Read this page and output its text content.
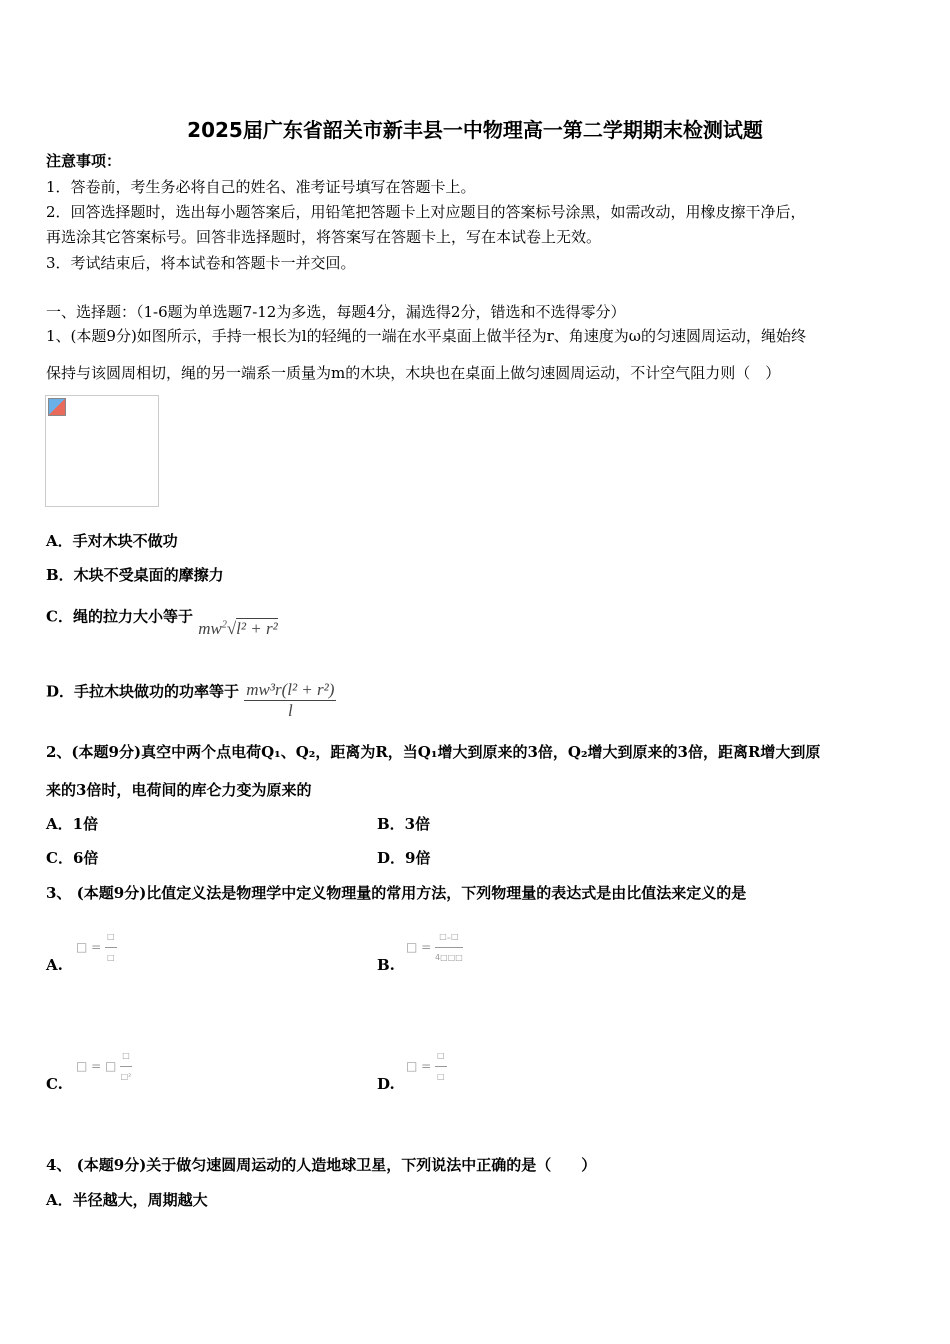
2025届广东省韶关市新丰县一中物理高一第二学期期末检测试题
注意事项：
1．答卷前，考生务必将自己的姓名、准考证号填写在答题卡上。
2．回答选择题时，选出每小题答案后，用铅笔把答题卡上对应题目的答案标号涂黑，如需改动，用橡皮擦干净后，
再选涂其它答案标号。回答非选择题时，将答案写在答题卡上，写在本试卷上无效。
3．考试结束后，将本试卷和答题卡一并交回。
一、选择题：（1-6题为单选题7-12为多选，每题4分，漏选得2分，错选和不选得零分）
1、(本题9分)如图所示，手持一根长为l的轻绳的一端在水平桌面上做半径为r、角速度为ω的匀速圆周运动，绳始终
保持与该圆周相切，绳的另一端系一质量为m的木块，木块也在桌面上做匀速圆周运动，不计空气阻力则（　）
A．手对木块不做功
B．木块不受桌面的摩擦力
C．绳的拉力大小等于 $mw^2√l^2 + r^2$
D．手拉木块做功的功率等于 $\frac{\text{mw³r(l² + r²)}}{l}$
2、(本题9分)真空中两个点电荷Q₁、Q₂，距离为R，当Q₁增大到原来的3倍，Q₂增大到原来的3倍，距离R增大到原
来的3倍时，电荷间的库仑力变为原来的
A．1倍	B．3倍
C．6倍	D．9倍
3、 (本题9分)比值定义法是物理学中定义物理量的常用方法，下列物理量的表达式是由比值法来定义的是
□ = $\frac{□}{□}$
A.
□ = $\frac{□_=□}{4□□□}$
B.
□ = □ $\frac{□}{\text{□²}}$
C.
□ = $\frac{□}{□}$
D.
4、 (本题9分)关于做匀速圆周运动的人造地球卫星，下列说法中正确的是（　　）
A．半径越大，周期越大
